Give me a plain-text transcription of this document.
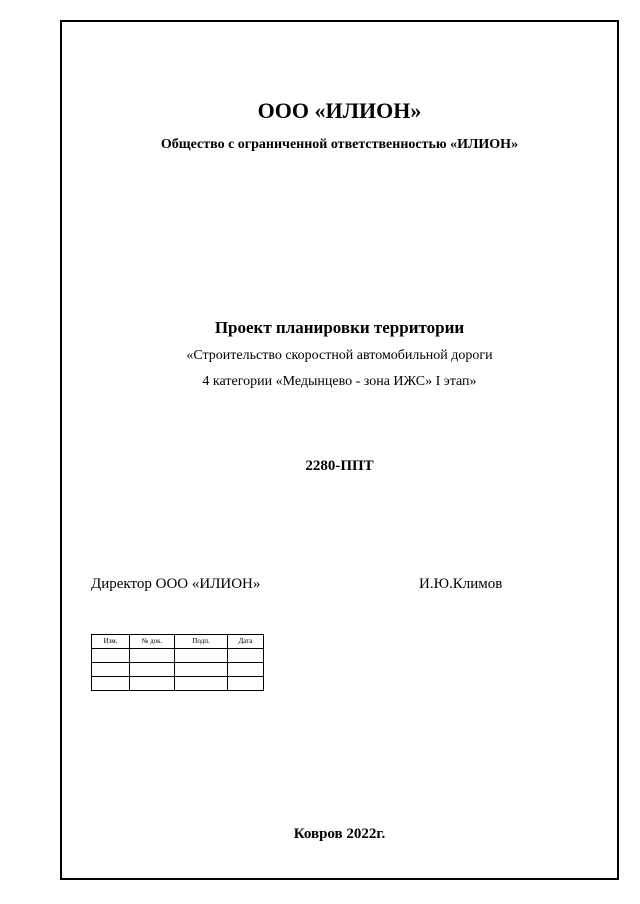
ООО «ИЛИОН»
Общество с ограниченной ответственностью «ИЛИОН»
Проект планировки территории
«Строительство скоростной автомобильной дороги
4 категории «Медынцево - зона ИЖС» I этап»
2280-ППТ
Директор ООО «ИЛИОН»	И.Ю.Климов
Изм.	№ док.	Подп.	Дата

Ковров 2022г.
